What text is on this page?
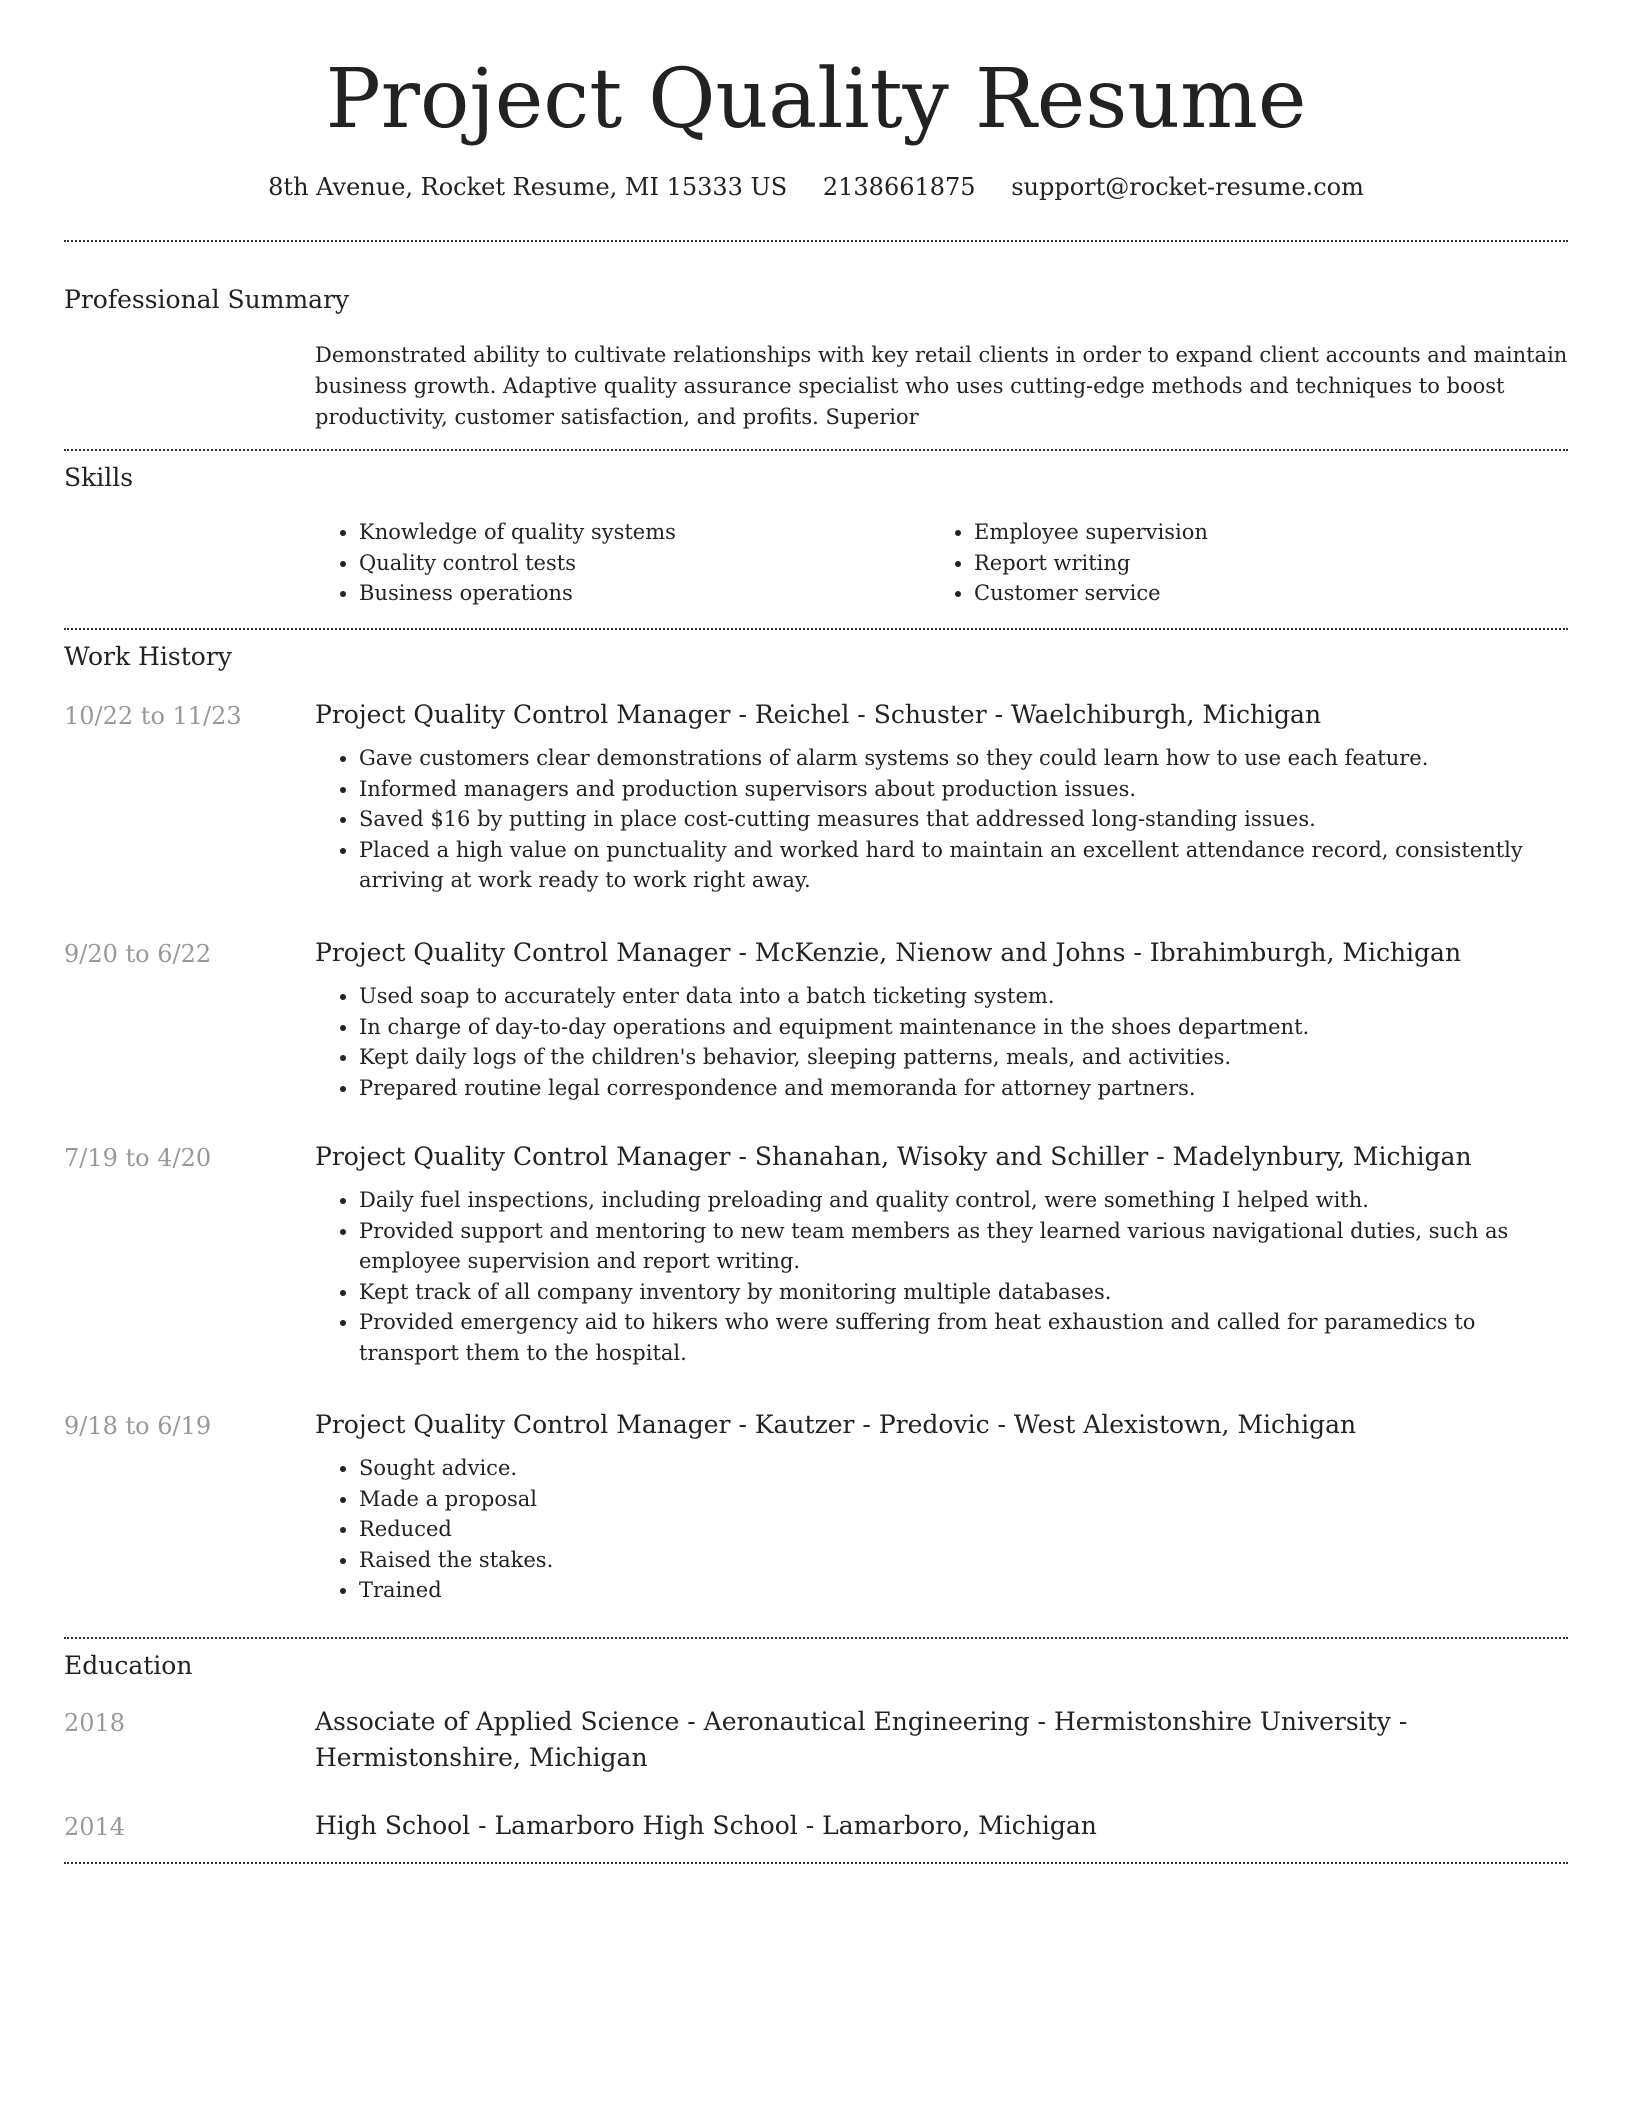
Project Quality Resume
8th Avenue, Rocket Resume, MI 15333 US 2138661875 support@rocket-resume.com
Professional Summary

Demonstrated ability to cultivate relationships with key retail clients in order to expand client accounts and maintain business growth. Adaptive quality assurance specialist who uses cutting-edge methods and techniques to boost productivity, customer satisfaction, and profits. Superior

Skills
• Knowledge of quality systems
• Quality control tests
• Business operations
• Employee supervision
• Report writing
• Customer service
Work History
10/22 to 11/23	Project Quality Control Manager - Reichel - Schuster - Waelchiburgh, Michigan
• Gave customers clear demonstrations of alarm systems so they could learn how to use each feature.
• Informed managers and production supervisors about production issues.
• Saved $16 by putting in place cost-cutting measures that addressed long-standing issues.
• Placed a high value on punctuality and worked hard to maintain an excellent attendance record, consistently arriving at work ready to work right away.
9/20 to 6/22	Project Quality Control Manager - McKenzie, Nienow and Johns - Ibrahimburgh, Michigan
• Used soap to accurately enter data into a batch ticketing system.
• In charge of day-to-day operations and equipment maintenance in the shoes department.
• Kept daily logs of the children's behavior, sleeping patterns, meals, and activities.
• Prepared routine legal correspondence and memoranda for attorney partners.
7/19 to 4/20	Project Quality Control Manager - Shanahan, Wisoky and Schiller - Madelynbury, Michigan
• Daily fuel inspections, including preloading and quality control, were something I helped with.
• Provided support and mentoring to new team members as they learned various navigational duties, such as employee supervision and report writing.
• Kept track of all company inventory by monitoring multiple databases.
• Provided emergency aid to hikers who were suffering from heat exhaustion and called for paramedics to transport them to the hospital.
9/18 to 6/19	Project Quality Control Manager - Kautzer - Predovic - West Alexistown, Michigan
• Sought advice.
• Made a proposal
• Reduced
• Raised the stakes.
• Trained
Education
2018	Associate of Applied Science - Aeronautical Engineering - Hermistonshire University - Hermistonshire, Michigan
2014	High School - Lamarboro High School - Lamarboro, Michigan
